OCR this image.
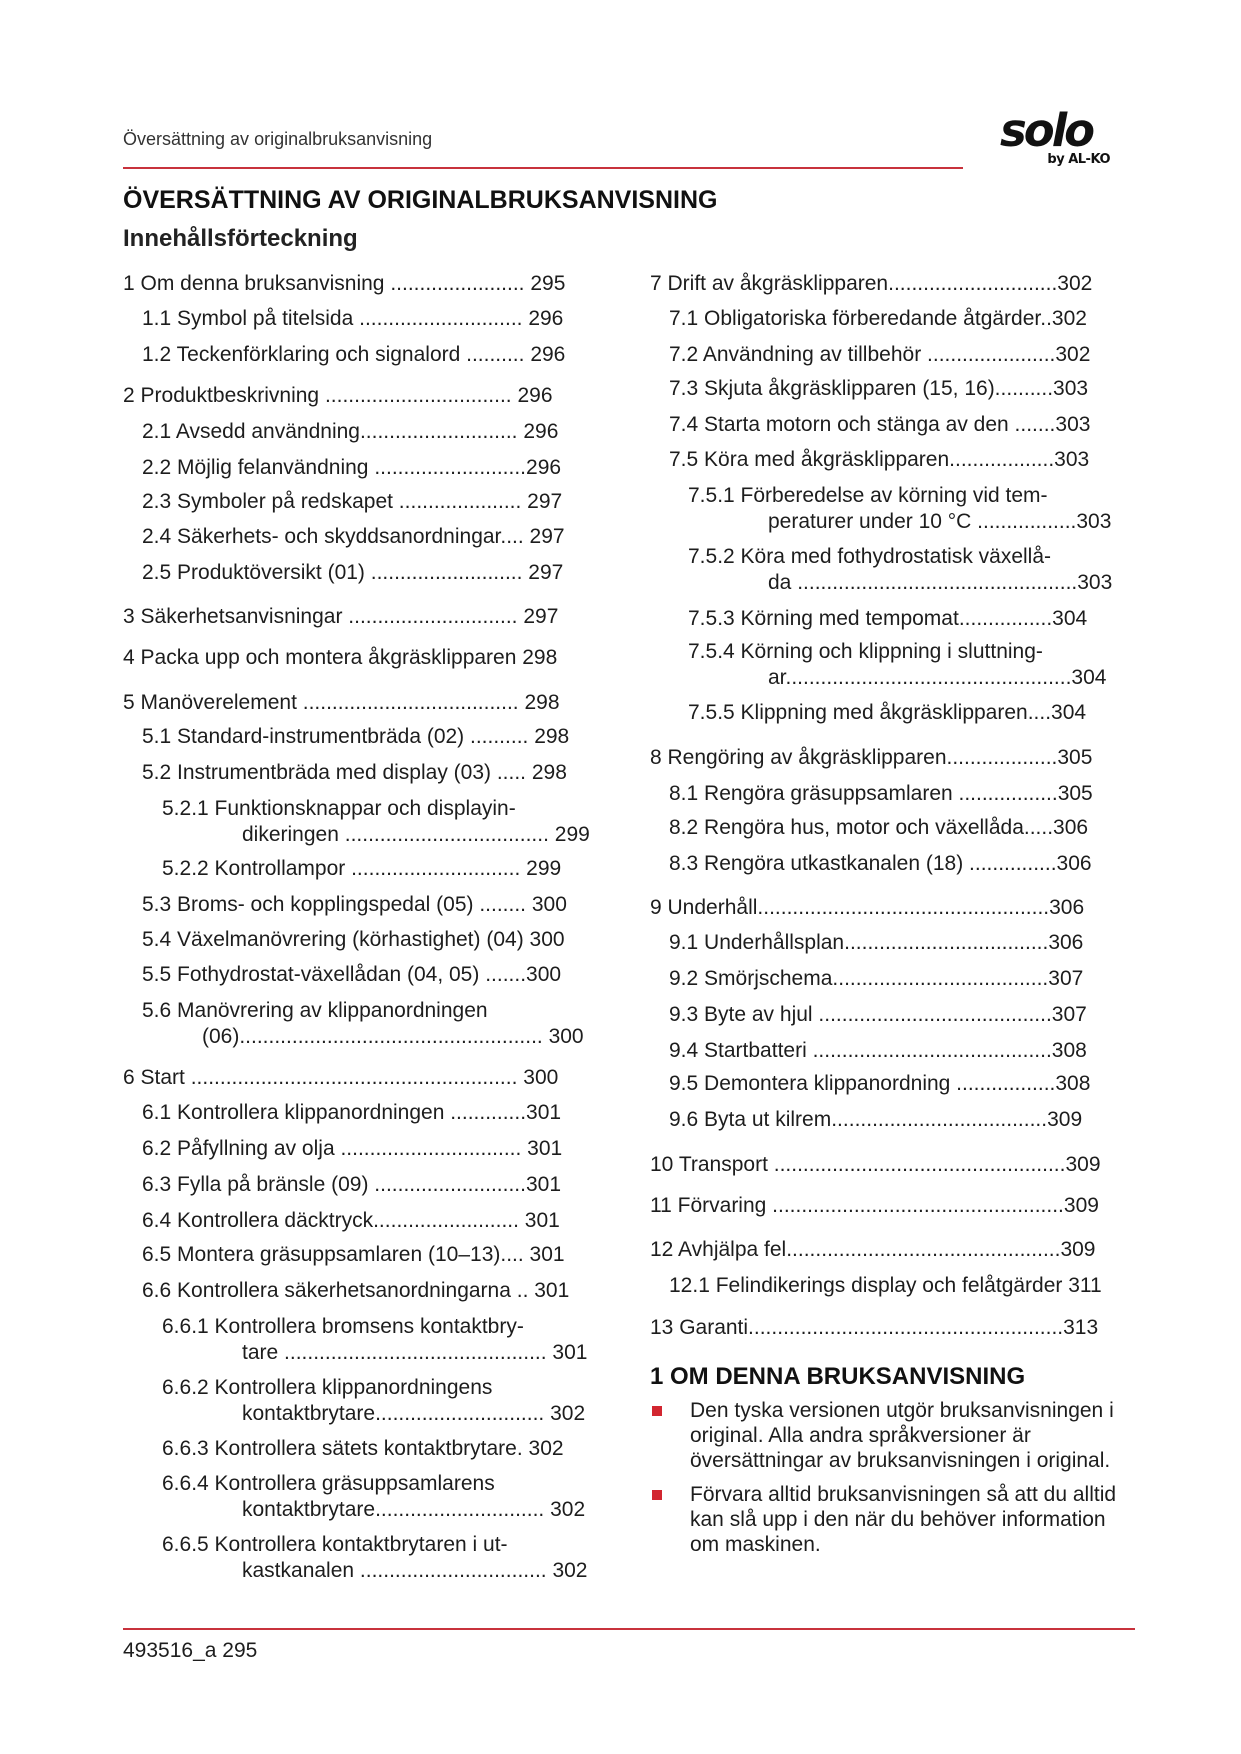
Översättning av originalbruksanvisning	solo
by AL-KO
ÖVERSÄTTNING AV ORIGINALBRUKSANVISNING
Innehållsförteckning
1 Om denna bruksanvisning ....................... 295
1.1 Symbol på titelsida ............................ 296
1.2 Teckenförklaring och signalord .......... 296
2 Produktbeskrivning ................................ 296
2.1 Avsedd användning........................... 296
2.2 Möjlig felanvändning ..........................296
2.3 Symboler på redskapet ..................... 297
2.4 Säkerhets- och skyddsanordningar.... 297
2.5 Produktöversikt (01) .......................... 297
3 Säkerhetsanvisningar ............................. 297
4 Packa upp och montera åkgräsklipparen 298
5 Manöverelement ..................................... 298
5.1 Standard-instrumentbräda (02) .......... 298
5.2 Instrumentbräda med display (03) ..... 298
5.2.1 Funktionsknappar och displayin-
dikeringen ................................... 299
5.2.2 Kontrollampor ............................. 299
5.3 Broms- och kopplingspedal (05) ........ 300
5.4 Växelmanövrering (körhastighet) (04) 300
5.5 Fothydrostat-växellådan (04, 05) .......300
5.6 Manövrering av klippanordningen
(06).................................................... 300
6 Start ........................................................ 300
6.1 Kontrollera klippanordningen .............301
6.2 Påfyllning av olja ............................... 301
6.3 Fylla på bränsle (09) ..........................301
6.4 Kontrollera däcktryck......................... 301
6.5 Montera gräsuppsamlaren (10–13).... 301
6.6 Kontrollera säkerhetsanordningarna .. 301
6.6.1 Kontrollera bromsens kontaktbry-
tare ............................................. 301
6.6.2 Kontrollera klippanordningens
kontaktbrytare............................. 302
6.6.3 Kontrollera sätets kontaktbrytare. 302
6.6.4 Kontrollera gräsuppsamlarens
kontaktbrytare............................. 302
6.6.5 Kontrollera kontaktbrytaren i ut-
kastkanalen ................................ 302
7 Drift av åkgräsklipparen.............................302
7.1 Obligatoriska förberedande åtgärder..302
7.2 Användning av tillbehör ......................302
7.3 Skjuta åkgräsklipparen (15, 16)..........303
7.4 Starta motorn och stänga av den .......303
7.5 Köra med åkgräsklipparen..................303
7.5.1 Förberedelse av körning vid tem-
peraturer under 10 °C .................303
7.5.2 Köra med fothydrostatisk växellå-
da ................................................303
7.5.3 Körning med tempomat................304
7.5.4 Körning och klippning i sluttning-
ar.................................................304
7.5.5 Klippning med åkgräsklipparen....304
8 Rengöring av åkgräsklipparen...................305
8.1 Rengöra gräsuppsamlaren .................305
8.2 Rengöra hus, motor och växellåda.....306
8.3 Rengöra utkastkanalen (18) ...............306
9 Underhåll..................................................306
9.1 Underhållsplan...................................306
9.2 Smörjschema.....................................307
9.3 Byte av hjul ........................................307
9.4 Startbatteri .........................................308
9.5 Demontera klippanordning .................308
9.6 Byta ut kilrem.....................................309
10 Transport ..................................................309
11 Förvaring ..................................................309
12 Avhjälpa fel...............................................309
12.1 Felindikerings display och felåtgärder 311
13 Garanti......................................................313
1 OM DENNA BRUKSANVISNING
Den tyska versionen utgör bruksanvisningen i original. Alla andra språkversioner är översättningar av bruksanvisningen i original.
Förvara alltid bruksanvisningen så att du alltid kan slå upp i den när du behöver information om maskinen.
493516_a 295
